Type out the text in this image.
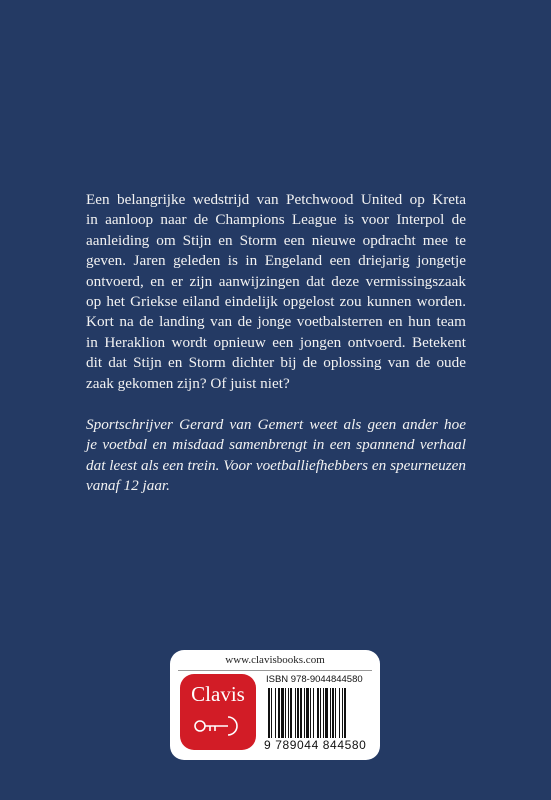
Een belangrijke wedstrijd van Petchwood United op Kreta
in aanloop naar de Champions League is voor Interpol de
aanleiding om Stijn en Storm een nieuwe opdracht mee te
geven. Jaren geleden is in Engeland een driejarig jongetje
ontvoerd, en er zijn aanwijzingen dat deze vermissingszaak
op het Griekse eiland eindelijk opgelost zou kunnen worden.
Kort na de landing van de jonge voetbalsterren en hun team
in Heraklion wordt opnieuw een jongen ontvoerd. Betekent
dit dat Stijn en Storm dichter bij de oplossing van de oude
zaak gekomen zijn? Of juist niet?

Sportschrijver Gerard van Gemert weet als geen ander hoe
je voetbal en misdaad samenbrengt in een spannend verhaal
dat leest als een trein. Voor voetballiefhebbers en speurneuzen
vanaf 12 jaar.

www.clavisbooks.com
Clavis
ISBN 978-9044844580
9 789044 844580
